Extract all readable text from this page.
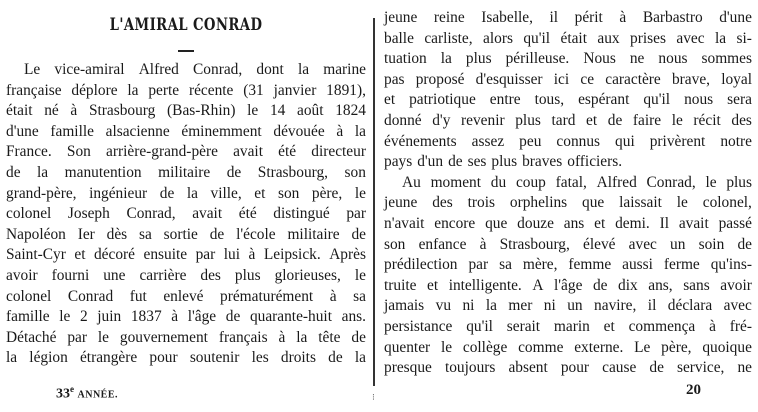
L'AMIRAL CONRAD
Le vice-amiral Alfred Conrad, dont la marine
française déplore la perte récente (31 janvier 1891),
était né à Strasbourg (Bas-Rhin) le 14 août 1824
d'une famille alsacienne éminemment dévouée à la
France. Son arrière-grand-père avait été directeur
de la manutention militaire de Strasbourg, son
grand-père, ingénieur de la ville, et son père, le
colonel Joseph Conrad, avait été distingué par
Napoléon Ier dès sa sortie de l'école militaire de
Saint-Cyr et décoré ensuite par lui à Leipsick. Après
avoir fourni une carrière des plus glorieuses, le
colonel Conrad fut enlevé prématurément à sa
famille le 2 juin 1837 à l'âge de quarante-huit ans.
Détaché par le gouvernement français à la tête de
la légion étrangère pour soutenir les droits de la
⁝
jeune reine Isabelle, il périt à Barbastro d'une
balle carliste, alors qu'il était aux prises avec la si-
tuation la plus périlleuse. Nous ne nous sommes
pas proposé d'esquisser ici ce caractère brave, loyal
et patriotique entre tous, espérant qu'il nous sera
donné d'y revenir plus tard et de faire le récit des
événements assez peu connus qui privèrent notre
pays d'un de ses plus braves officiers.
Au moment du coup fatal, Alfred Conrad, le plus
jeune des trois orphelins que laissait le colonel,
n'avait encore que douze ans et demi. Il avait passé
son enfance à Strasbourg, élevé avec un soin de
prédilection par sa mère, femme aussi ferme qu'ins-
truite et intelligente. A l'âge de dix ans, sans avoir
jamais vu ni la mer ni un navire, il déclara avec
persistance qu'il serait marin et commença à fré-
quenter le collège comme externe. Le père, quoique
presque toujours absent pour cause de service, ne
33e ANNÉE.	20
